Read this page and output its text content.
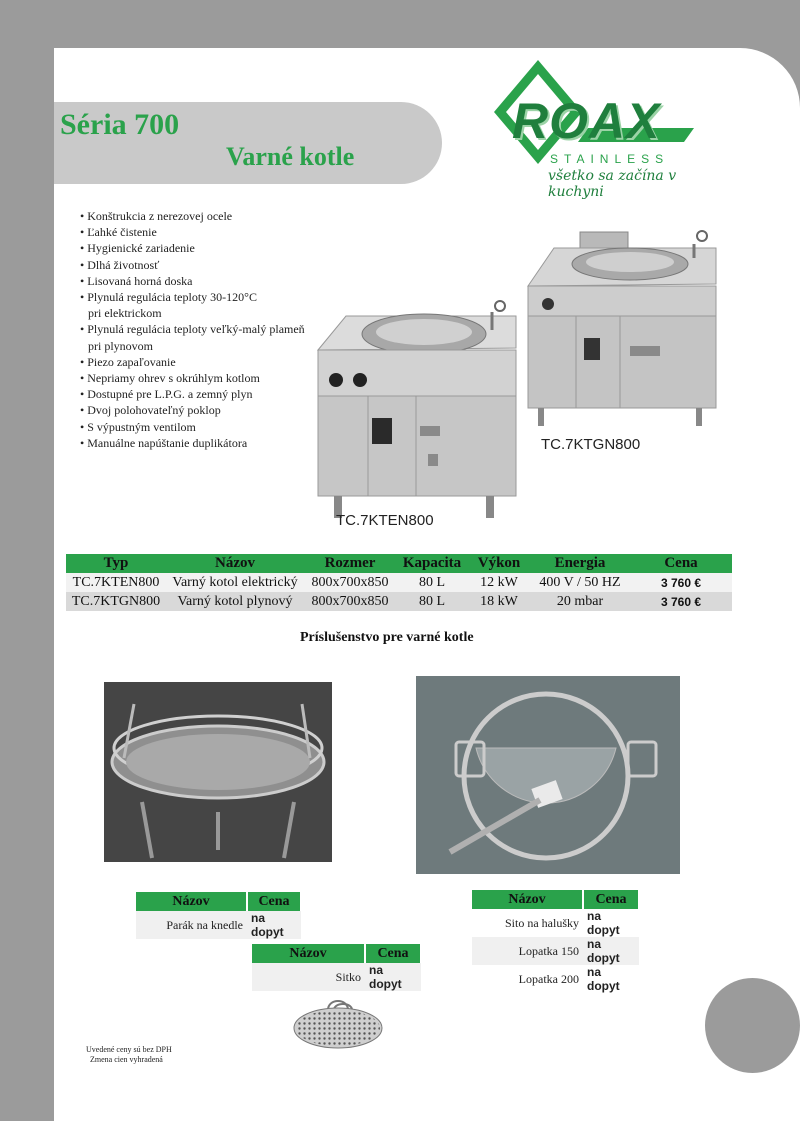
Séria 700
Varné kotle
ROAX
STAINLESS
všetko sa začína v kuchyni
• Konštrukcia z nerezovej ocele
• Ľahké čistenie
• Hygienické zariadenie
• Dlhá životnosť
• Lisovaná horná doska
• Plynulá regulácia teploty 30-120°C
pri elektrickom
• Plynulá regulácia teploty veľký-malý plameň
pri plynovom
• Piezo zapaľovanie
• Nepriamy ohrev s okrúhlym kotlom
• Dostupné pre L.P.G. a zemný plyn
• Dvoj polohovateľný poklop
• S výpustným ventilom
• Manuálne napúštanie duplikátora	TC.7KTGN800
TC.7KTEN800
Typ	Názov	Rozmer	Kapacita	Výkon	Energia	Cena
TC.7KTEN800	Varný kotol elektrický	800x700x850	80 L	12 kW	400 V / 50 HZ	3 760 €
TC.7KTGN800	Varný kotol plynový	800x700x850	80 L	18 kW	20 mbar	3 760 €
Príslušenstvo pre varné kotle
Názov	Cena
Parák na knedle	na dopyt
Názov	Cena
Sitko	na dopyt
Názov	Cena
Sito na halušky	na dopyt
Lopatka 150	na dopyt
Lopatka 200	na dopyt
Uvedené ceny sú bez DPH
Zmena cien vyhradená
